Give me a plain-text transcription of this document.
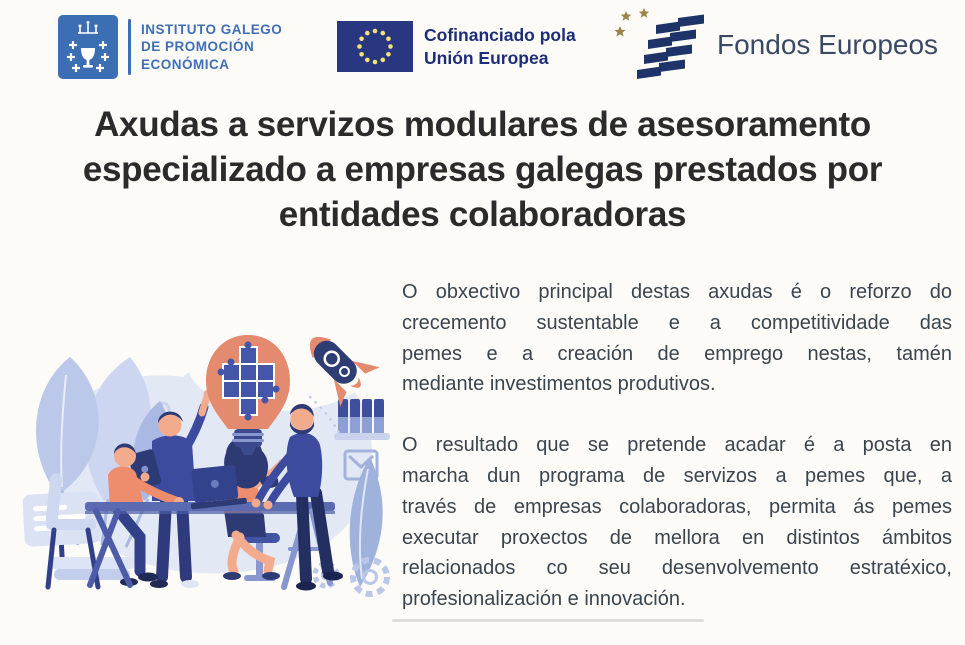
INSTITUTO GALEGO
DE PROMOCIÓN
ECONÓMICA
Cofinanciado pola
Unión Europea	Fondos Europeos
Axudas a servizos modulares de asesoramento
especializado a empresas galegas prestados por
entidades colaboradoras
O obxectivo principal destas axudas é o reforzo do
crecemento sustentable e a competitividade das
pemes e a creación de emprego nestas, tamén
mediante investimentos produtivos.
O resultado que se pretende acadar é a posta en
marcha dun programa de servizos a pemes que, a
través de empresas colaboradoras, permita ás pemes
executar proxectos de mellora en distintos ámbitos
relacionados co seu desenvolvemento estratéxico,
profesionalización e innovación.
